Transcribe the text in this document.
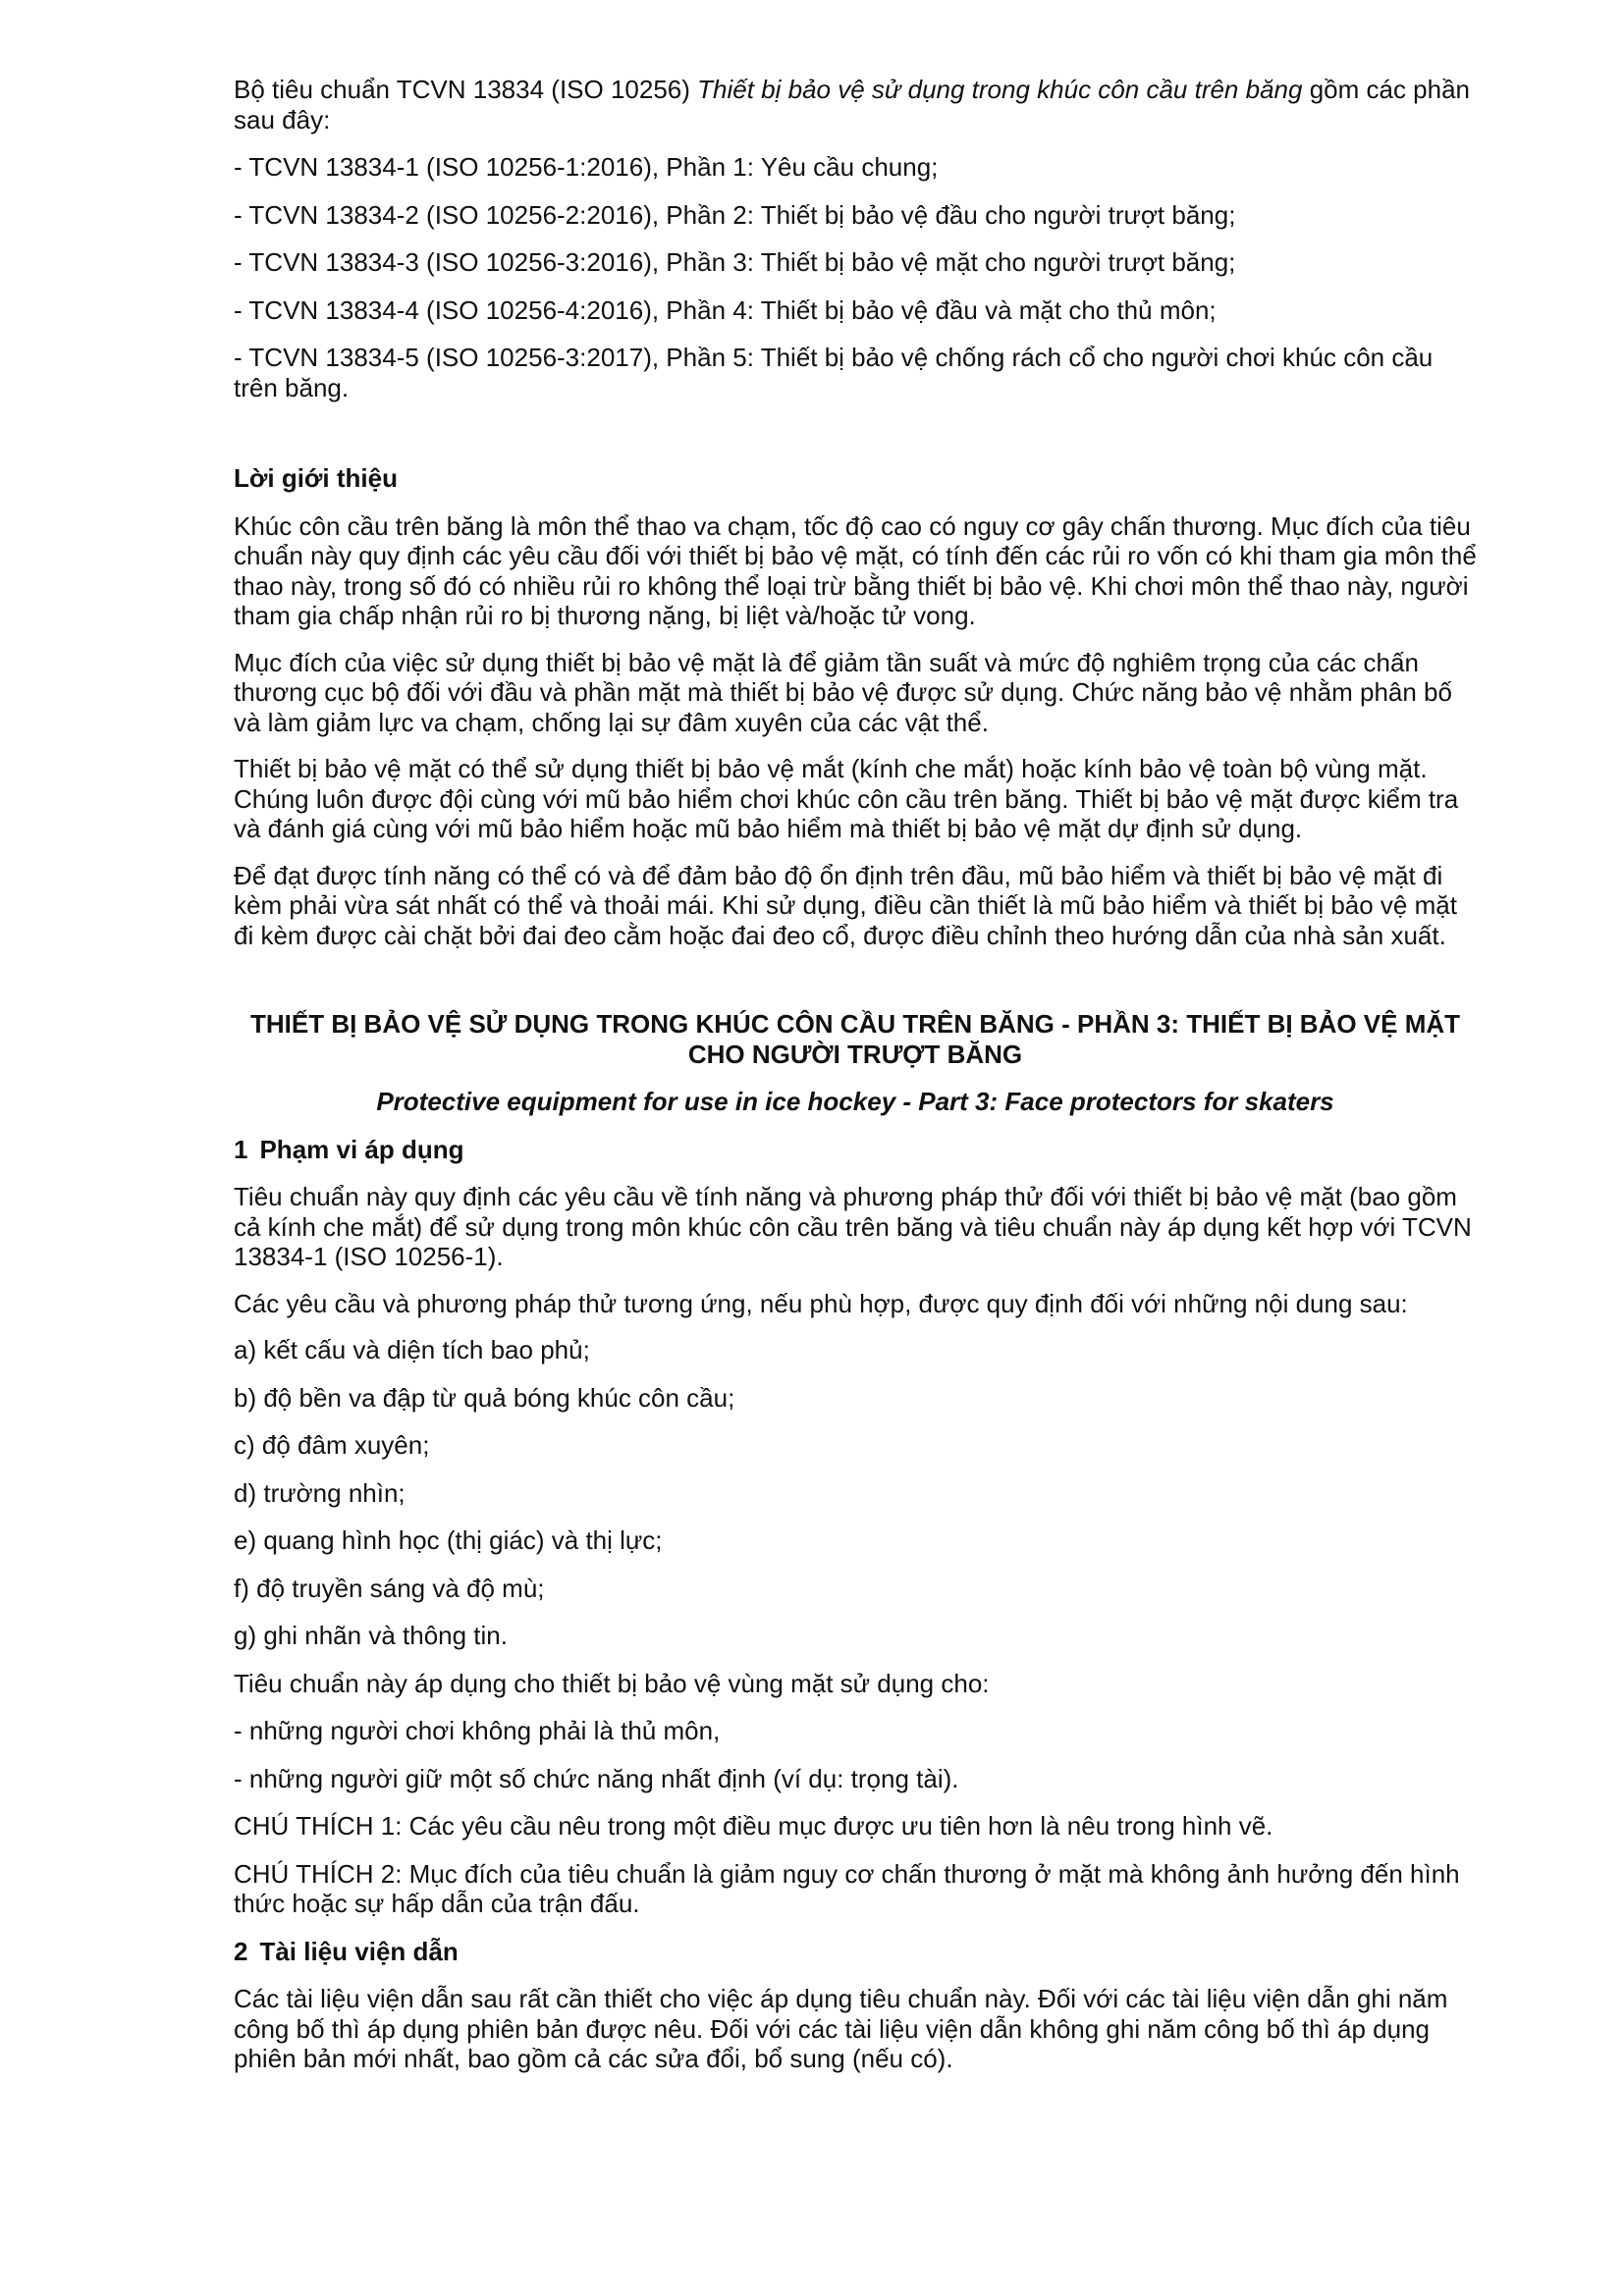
Bộ tiêu chuẩn TCVN 13834 (ISO 10256) Thiết bị bảo vệ sử dụng trong khúc côn cầu trên băng gồm các phần sau đây:

- TCVN 13834-1 (ISO 10256-1:2016), Phần 1: Yêu cầu chung;

- TCVN 13834-2 (ISO 10256-2:2016), Phần 2: Thiết bị bảo vệ đầu cho người trượt băng;

- TCVN 13834-3 (ISO 10256-3:2016), Phần 3: Thiết bị bảo vệ mặt cho người trượt băng;

- TCVN 13834-4 (ISO 10256-4:2016), Phần 4: Thiết bị bảo vệ đầu và mặt cho thủ môn;

- TCVN 13834-5 (ISO 10256-3:2017), Phần 5: Thiết bị bảo vệ chống rách cổ cho người chơi khúc côn cầu trên băng.

Lời giới thiệu

Khúc côn cầu trên băng là môn thể thao va chạm, tốc độ cao có nguy cơ gây chấn thương. Mục đích của tiêu chuẩn này quy định các yêu cầu đối với thiết bị bảo vệ mặt, có tính đến các rủi ro vốn có khi tham gia môn thể thao này, trong số đó có nhiều rủi ro không thể loại trừ bằng thiết bị bảo vệ. Khi chơi môn thể thao này, người tham gia chấp nhận rủi ro bị thương nặng, bị liệt và/hoặc tử vong.

Mục đích của việc sử dụng thiết bị bảo vệ mặt là để giảm tần suất và mức độ nghiêm trọng của các chấn thương cục bộ đối với đầu và phần mặt mà thiết bị bảo vệ được sử dụng. Chức năng bảo vệ nhằm phân bố và làm giảm lực va chạm, chống lại sự đâm xuyên của các vật thể.

Thiết bị bảo vệ mặt có thể sử dụng thiết bị bảo vệ mắt (kính che mắt) hoặc kính bảo vệ toàn bộ vùng mặt. Chúng luôn được đội cùng với mũ bảo hiểm chơi khúc côn cầu trên băng. Thiết bị bảo vệ mặt được kiểm tra và đánh giá cùng với mũ bảo hiểm hoặc mũ bảo hiểm mà thiết bị bảo vệ mặt dự định sử dụng.

Để đạt được tính năng có thể có và để đảm bảo độ ổn định trên đầu, mũ bảo hiểm và thiết bị bảo vệ mặt đi kèm phải vừa sát nhất có thể và thoải mái. Khi sử dụng, điều cần thiết là mũ bảo hiểm và thiết bị bảo vệ mặt đi kèm được cài chặt bởi đai đeo cằm hoặc đai đeo cổ, được điều chỉnh theo hướng dẫn của nhà sản xuất.

THIẾT BỊ BẢO VỆ SỬ DỤNG TRONG KHÚC CÔN CẦU TRÊN BĂNG - PHẦN 3: THIẾT BỊ BẢO VỆ MẶT CHO NGƯỜI TRƯỢT BĂNG

Protective equipment for use in ice hockey - Part 3: Face protectors for skaters

1 Phạm vi áp dụng

Tiêu chuẩn này quy định các yêu cầu về tính năng và phương pháp thử đối với thiết bị bảo vệ mặt (bao gồm cả kính che mắt) để sử dụng trong môn khúc côn cầu trên băng và tiêu chuẩn này áp dụng kết hợp với TCVN 13834-1 (ISO 10256-1).

Các yêu cầu và phương pháp thử tương ứng, nếu phù hợp, được quy định đối với những nội dung sau:

a) kết cấu và diện tích bao phủ;

b) độ bền va đập từ quả bóng khúc côn cầu;

c) độ đâm xuyên;

d) trường nhìn;

e) quang hình học (thị giác) và thị lực;

f) độ truyền sáng và độ mù;

g) ghi nhãn và thông tin.

Tiêu chuẩn này áp dụng cho thiết bị bảo vệ vùng mặt sử dụng cho:

- những người chơi không phải là thủ môn,

- những người giữ một số chức năng nhất định (ví dụ: trọng tài).

CHÚ THÍCH 1: Các yêu cầu nêu trong một điều mục được ưu tiên hơn là nêu trong hình vẽ.

CHÚ THÍCH 2: Mục đích của tiêu chuẩn là giảm nguy cơ chấn thương ở mặt mà không ảnh hưởng đến hình thức hoặc sự hấp dẫn của trận đấu.

2 Tài liệu viện dẫn

Các tài liệu viện dẫn sau rất cần thiết cho việc áp dụng tiêu chuẩn này. Đối với các tài liệu viện dẫn ghi năm công bố thì áp dụng phiên bản được nêu. Đối với các tài liệu viện dẫn không ghi năm công bố thì áp dụng phiên bản mới nhất, bao gồm cả các sửa đổi, bổ sung (nếu có).
